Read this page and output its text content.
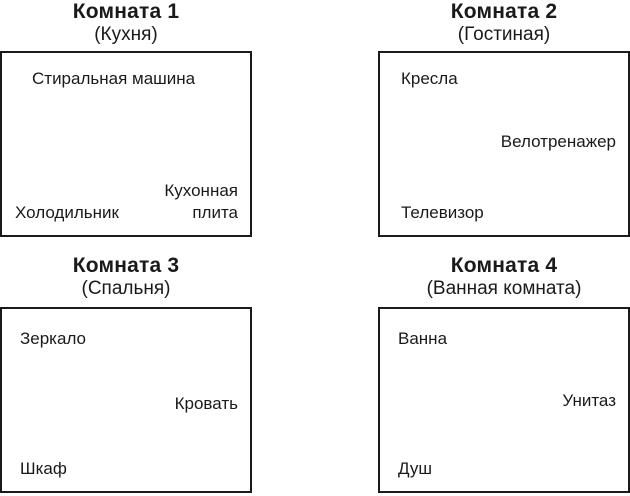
Комната 1
(Кухня)
Стиральная машина
Холодильник
Кухонная
плита
Комната 2
(Гостиная)
Кресла
Велотренажер
Телевизор
Комната 3
(Спальня)
Зеркало
Кровать
Шкаф
Комната 4
(Ванная комната)
Ванна
Унитаз
Душ
